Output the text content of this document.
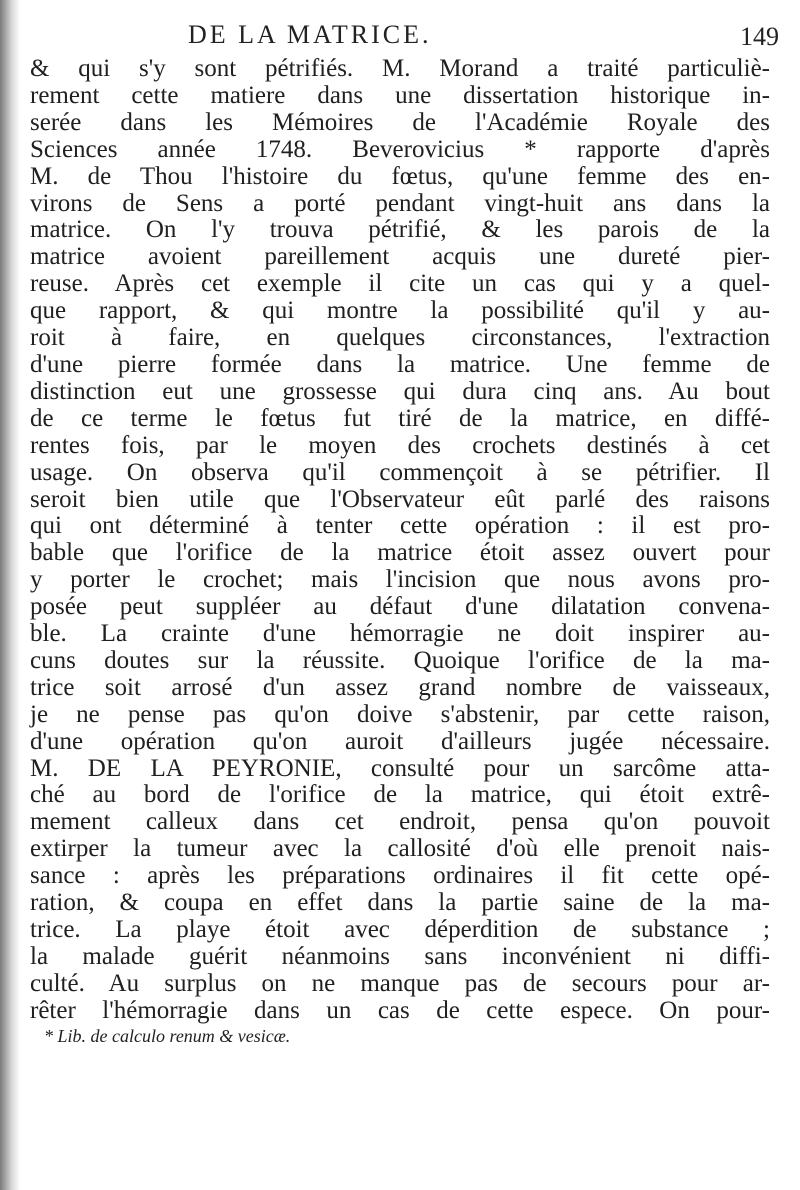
DE LA MATRICE.	149
& qui s'y sont pétrifiés. M. Morand a traité particuliè-
rement cette matiere dans une dissertation historique in-
serée dans les Mémoires de l'Académie Royale des
Sciences année 1748. Beverovicius * rapporte d'après
M. de Thou l'histoire du fœtus, qu'une femme des en-
virons de Sens a porté pendant vingt-huit ans dans la
matrice. On l'y trouva pétrifié, & les parois de la
matrice avoient pareillement acquis une dureté pier-
reuse. Après cet exemple il cite un cas qui y a quel-
que rapport, & qui montre la possibilité qu'il y au-
roit à faire, en quelques circonstances, l'extraction
d'une pierre formée dans la matrice. Une femme de
distinction eut une grossesse qui dura cinq ans. Au bout
de ce terme le fœtus fut tiré de la matrice, en diffé-
rentes fois, par le moyen des crochets destinés à cet
usage. On observa qu'il commençoit à se pétrifier. Il
seroit bien utile que l'Observateur eût parlé des raisons
qui ont déterminé à tenter cette opération : il est pro-
bable que l'orifice de la matrice étoit assez ouvert pour
y porter le crochet; mais l'incision que nous avons pro-
posée peut suppléer au défaut d'une dilatation convena-
ble. La crainte d'une hémorragie ne doit inspirer au-
cuns doutes sur la réussite. Quoique l'orifice de la ma-
trice soit arrosé d'un assez grand nombre de vaisseaux,
je ne pense pas qu'on doive s'abstenir, par cette raison,
d'une opération qu'on auroit d'ailleurs jugée nécessaire.
M. DE LA PEYRONIE, consulté pour un sarcôme atta-
ché au bord de l'orifice de la matrice, qui étoit extrê-
mement calleux dans cet endroit, pensa qu'on pouvoit
extirper la tumeur avec la callosité d'où elle prenoit nais-
sance : après les préparations ordinaires il fit cette opé-
ration, & coupa en effet dans la partie saine de la ma-
trice. La playe étoit avec déperdition de substance ;
la malade guérit néanmoins sans inconvénient ni diffi-
culté. Au surplus on ne manque pas de secours pour ar-
rêter l'hémorragie dans un cas de cette espece. On pour-
* Lib. de calculo renum & vesicæ.
